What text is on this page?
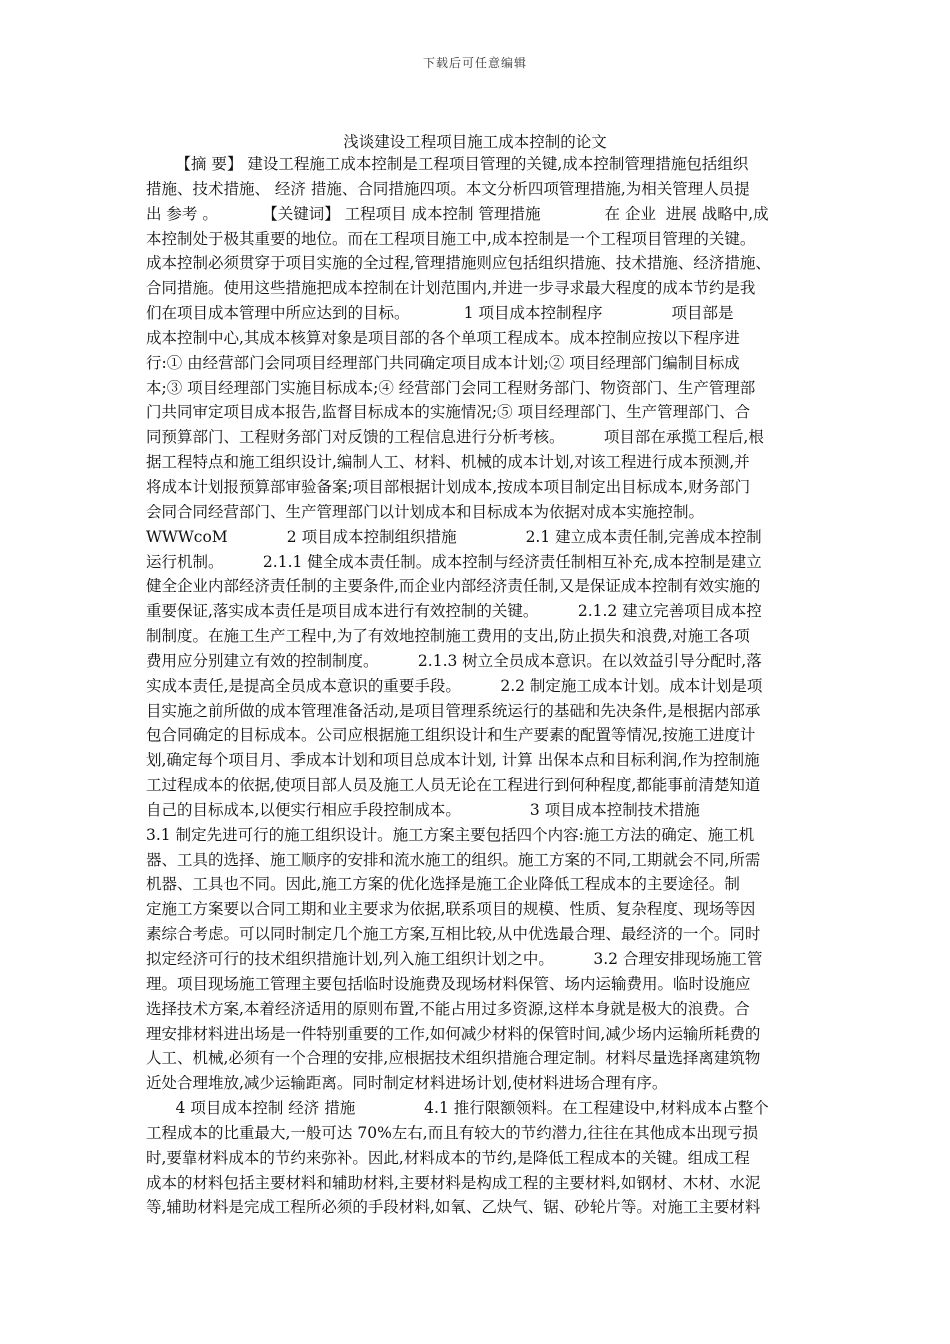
下载后可任意编辑
浅谈建设工程项目施工成本控制的论文
【摘 要】 建设工程施工成本控制是工程项目管理的关键,成本控制管理措施包括组织
措施、技术措施、 经济 措施、合同措施四项。本文分析四项管理措施,为相关管理人员提
出 参考 。         【关键词】 工程项目 成本控制 管理措施             在 企业  进展 战略中,成
本控制处于极其重要的地位。而在工程项目施工中,成本控制是一个工程项目管理的关键。
成本控制必须贯穿于项目实施的全过程,管理措施则应包括组织措施、技术措施、经济措施、
合同措施。使用这些措施把成本控制在计划范围内,并进一步寻求最大程度的成本节约是我
们在项目成本管理中所应达到的目标。           1 项目成本控制程序              项目部是
成本控制中心,其成本核算对象是项目部的各个单项工程成本。成本控制应按以下程序进
行:① 由经营部门会同项目经理部门共同确定项目成本计划;② 项目经理部门编制目标成
本;③ 项目经理部门实施目标成本;④ 经营部门会同工程财务部门、物资部门、生产管理部
门共同审定项目成本报告,监督目标成本的实施情况;⑤ 项目经理部门、生产管理部门、合
同预算部门、工程财务部门对反馈的工程信息进行分析考核。        项目部在承揽工程后,根
据工程特点和施工组织设计,编制人工、材料、机械的成本计划,对该工程进行成本预测,并
将成本计划报预算部审验备案;项目部根据计划成本,按成本项目制定出目标成本,财务部门
会同合同经营部门、生产管理部门以计划成本和目标成本为依据对成本实施控制。
WWWcoM            2 项目成本控制组织措施              2.1 建立成本责任制,完善成本控制
运行机制。        2.1.1 健全成本责任制。成本控制与经济责任制相互补充,成本控制是建立
健全企业内部经济责任制的主要条件,而企业内部经济责任制,又是保证成本控制有效实施的
重要保证,落实成本责任是项目成本进行有效控制的关键。        2.1.2 建立完善项目成本控
制制度。在施工生产工程中,为了有效地控制施工费用的支出,防止损失和浪费,对施工各项
费用应分别建立有效的控制制度。        2.1.3 树立全员成本意识。在以效益引导分配时,落
实成本责任,是提高全员成本意识的重要手段。        2.2 制定施工成本计划。成本计划是项
目实施之前所做的成本管理准备活动,是项目管理系统运行的基础和先决条件,是根据内部承
包合同确定的目标成本。公司应根据施工组织设计和生产要素的配置等情况,按施工进度计
划,确定每个项目月、季成本计划和项目总成本计划, 计算 出保本点和目标利润,作为控制施
工过程成本的依据,使项目部人员及施工人员无论在工程进行到何种程度,都能事前清楚知道
自己的目标成本,以便实行相应手段控制成本。              3 项目成本控制技术措施
3.1 制定先进可行的施工组织设计。施工方案主要包括四个内容:施工方法的确定、施工机
器、工具的选择、施工顺序的安排和流水施工的组织。施工方案的不同,工期就会不同,所需
机器、工具也不同。因此,施工方案的优化选择是施工企业降低工程成本的主要途径。制
定施工方案要以合同工期和业主要求为依据,联系项目的规模、性质、复杂程度、现场等因
素综合考虑。可以同时制定几个施工方案,互相比较,从中优选最合理、最经济的一个。同时
拟定经济可行的技术组织措施计划,列入施工组织计划之中。        3.2 合理安排现场施工管
理。项目现场施工管理主要包括临时设施费及现场材料保管、场内运输费用。临时设施应
选择技术方案,本着经济适用的原则布置,不能占用过多资源,这样本身就是极大的浪费。合
理安排材料进出场是一件特别重要的工作,如何减少材料的保管时间,减少场内运输所耗费的
人工、机械,必须有一个合理的安排,应根据技术组织措施合理定制。材料尽量选择离建筑物
近处合理堆放,减少运输距离。同时制定材料进场计划,使材料进场合理有序。
4 项目成本控制 经济 措施              4.1 推行限额领料。在工程建设中,材料成本占整个
工程成本的比重最大,一般可达 70%左右,而且有较大的节约潜力,往往在其他成本出现亏损
时,要靠材料成本的节约来弥补。因此,材料成本的节约,是降低工程成本的关键。组成工程
成本的材料包括主要材料和辅助材料,主要材料是构成工程的主要材料,如钢材、木材、水泥
等,辅助材料是完成工程所必须的手段材料,如氧、乙炔气、锯、砂轮片等。对施工主要材料
